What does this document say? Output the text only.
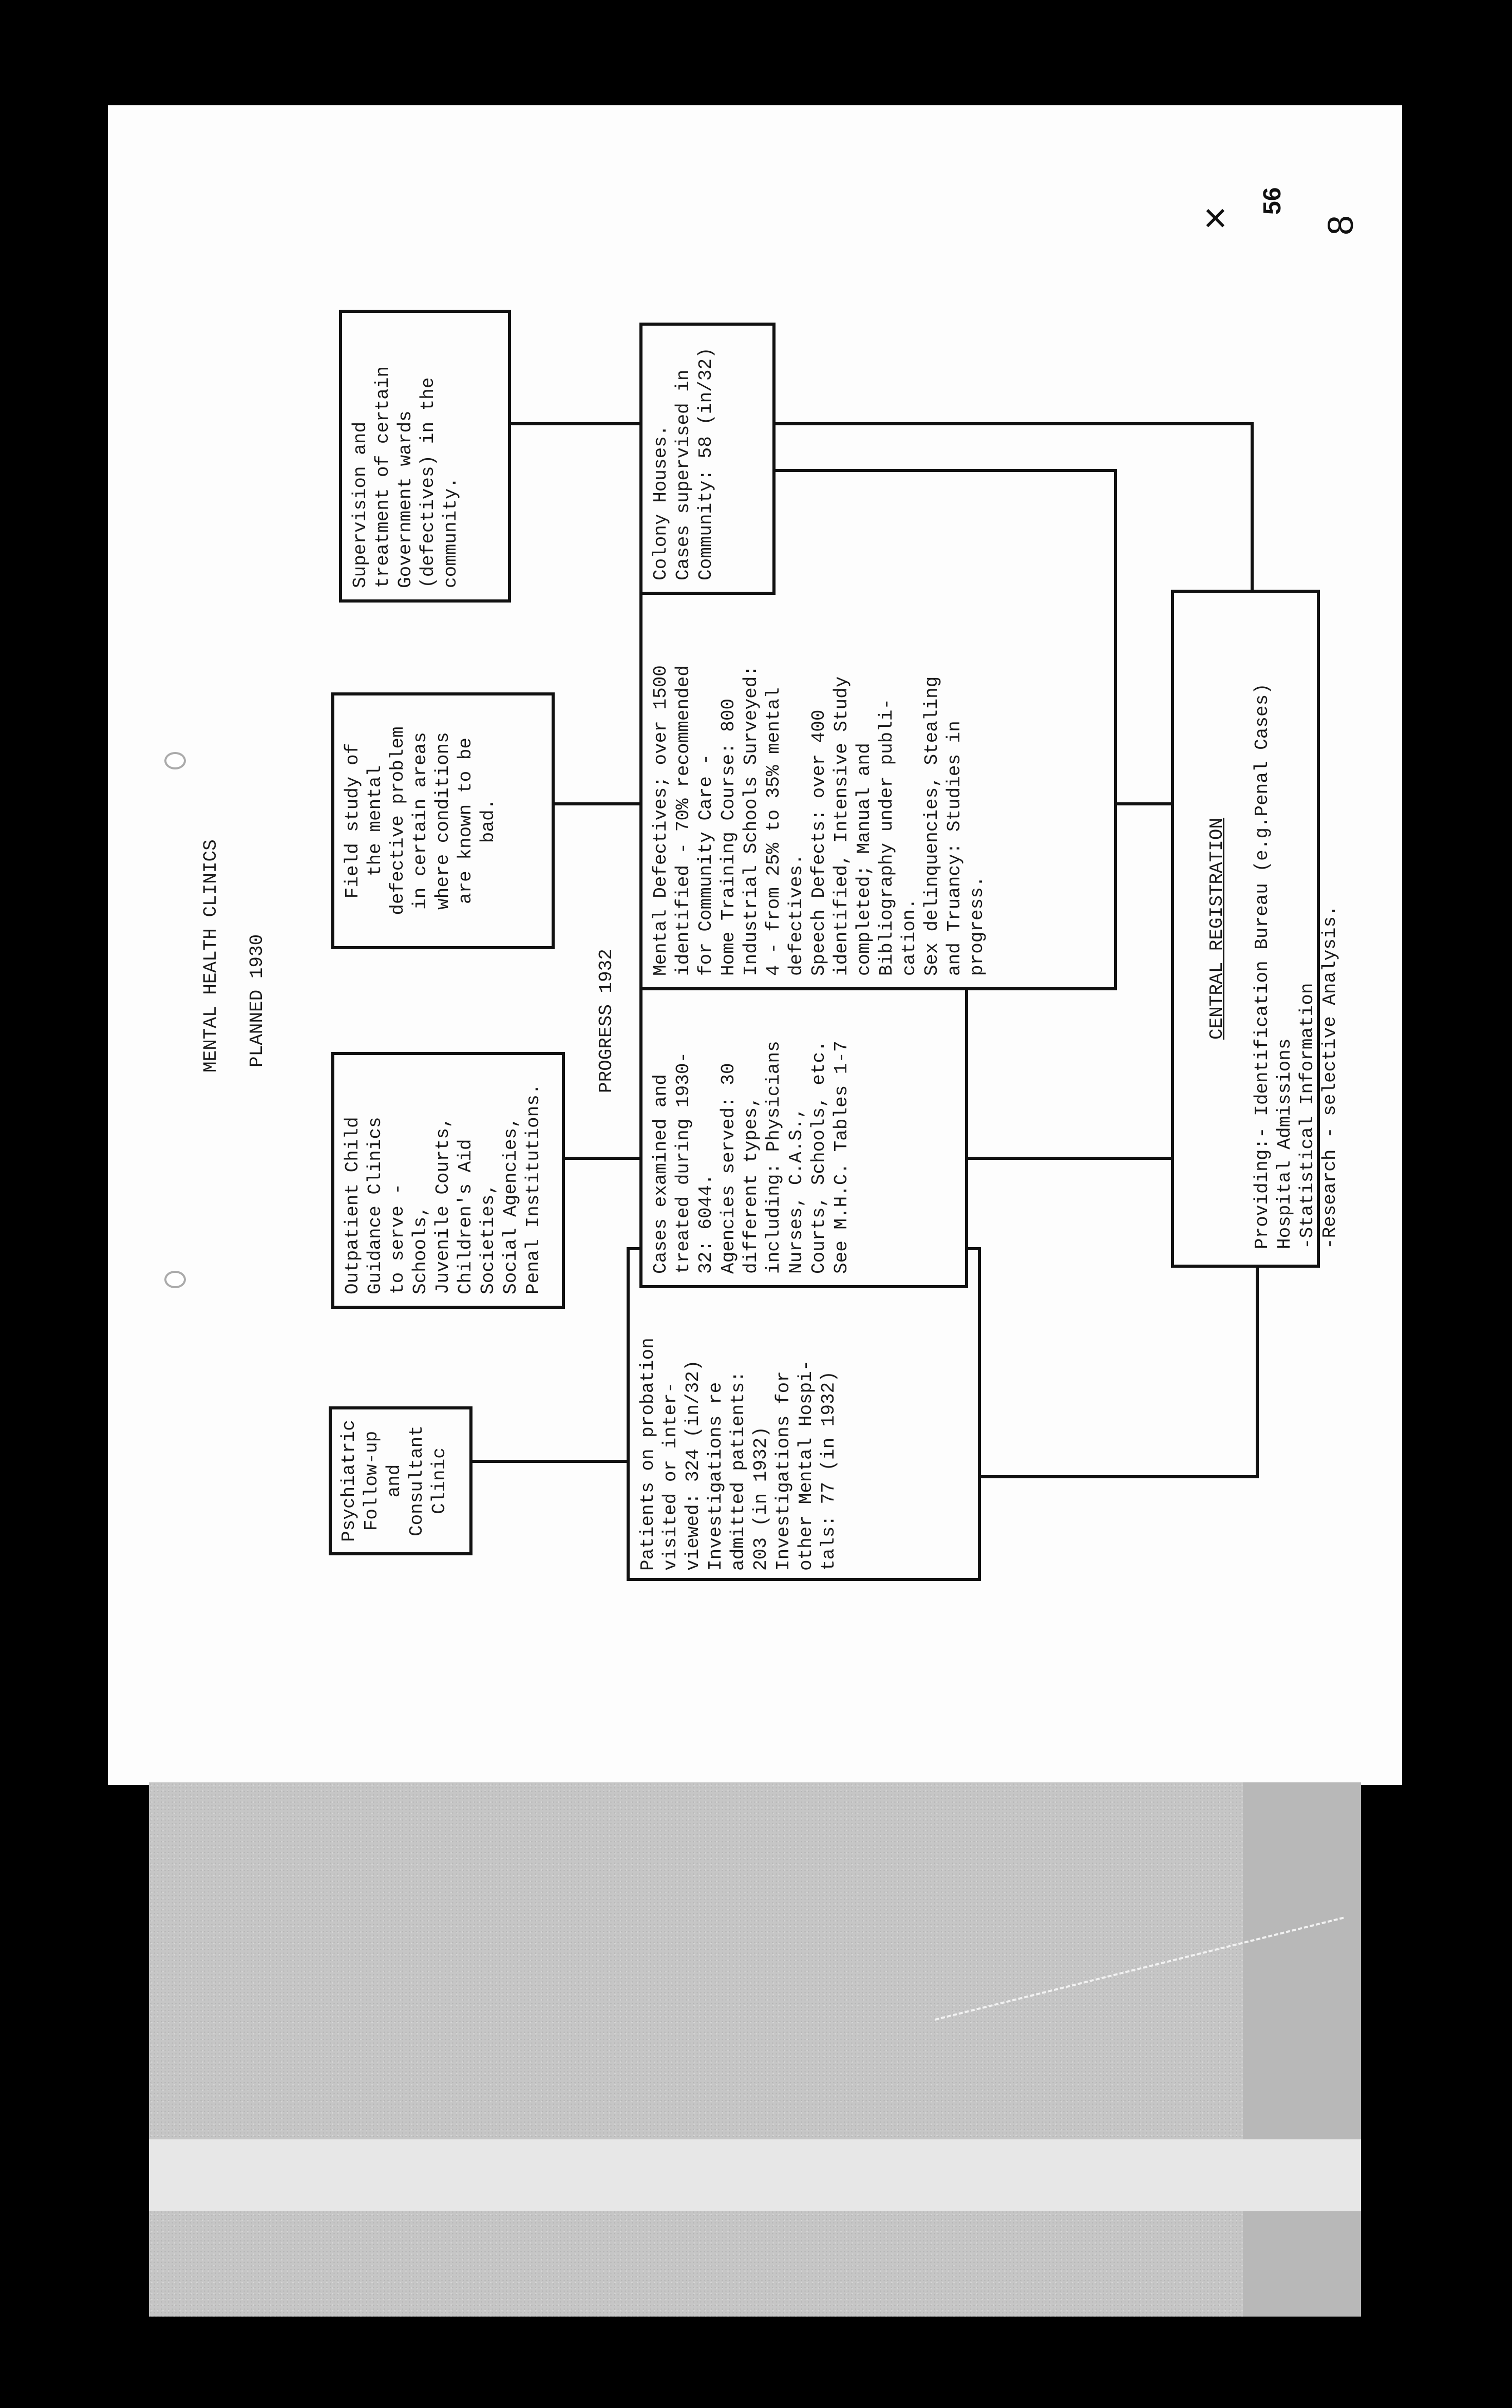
MENTAL HEALTH CLINICS PLANNED 1930	PROGRESS 1932
56
× 8
Psychiatric
Follow-up
and
Consultant
Clinic
Outpatient Child
Guidance Clinics
to serve -
Schools,
Juvenile Courts,
Children's Aid
Societies,
Social Agencies,
Penal Institutions.
Field study of
the mental
defective problem
in certain areas
where conditions
are known to be
bad.
Supervision and
treatment of certain
Government wards
(defectives) in the
community.
Patients on probation
visited or inter-
viewed: 324 (in/32)
Investigations re
admitted patients:
203 (in 1932)
Investigations for
other Mental Hospi-
tals: 77 (in 1932)
Cases examined and
treated during 1930-
32: 6044.
Agencies served: 30
different types,
including: Physicians
Nurses, C.A.S.,
Courts, Schools, etc.
See M.H.C. Tables 1-7
Mental Defectives; over 1500
identified - 70% recommended
for Community Care -
Home Training Course: 800
Industrial Schools Surveyed:
4 - from 25% to 35% mental
defectives.
Speech Defects: over 400
identified, Intensive Study
completed; Manual and
Bibliography under publi-
cation.
Sex delinquencies, Stealing
and Truancy: Studies in
progress.
Colony Houses.
Cases supervised in
Community: 58 (in/32)

CENTRAL REGISTRATION

Providing:- Identification Bureau (e.g.Penal Cases)
Hospital Admissions
-Statistical Information
-Research - selective Analysis.
